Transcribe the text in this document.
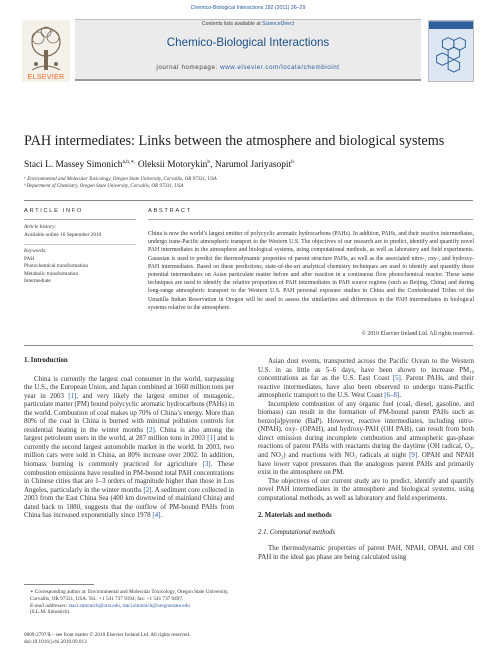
Chemico-Biological Interactions 192 (2011) 26–29
Contents lists available at ScienceDirect
Chemico-Biological Interactions
journal homepage: www.elsevier.com/locate/chembioint
ELSEVIER
PAH intermediates: Links between the atmosphere and biological systems
Staci L. Massey Simonich$^{a,b,∗,}$ Oleksii Motorykin$^b$, Narumol Jariyasopit$^b$
ᵃ Environmental and Molecular Toxicology, Oregon State University, Corvallis, OR 97331, USA
ᵇ Department of Chemistry, Oregon State University, Corvallis, OR 97331, USA
ARTICLE INFO	ABSTRACT
Article history:
Available online 16 September 2010
Keywords:
PAH
Photochemical transformation
Metabolic transformation
Intermediate
China is now the world’s largest emitter of polycyclic aromatic hydrocarbons (PAHs). In addition, PAHs, and their reactive intermediates, undergo trans-Pacific atmospheric transport to the Western U.S. The objectives of our research are to predict, identify and quantify novel PAH intermediates in the atmosphere and biological systems, using computational methods, as well as laboratory and field experiments. Gaussian is used to predict the thermodynamic properties of parent structure PAHs, as well as the associated nitro-, oxy-, and hydroxy-PAH intermediates. Based on these predictions, state-of-the-art analytical chemistry techniques are used to identify and quantify these potential intermediates on Asian particulate matter before and after reaction in a continuous flow photochemical reactor. These same techniques are used to identify the relative proportion of PAH intermediates in PAH source regions (such as Beijing, China) and during long-range atmospheric transport to the Western U.S. PAH personal exposure studies in China and the Confederated Tribes of the Umatilla Indian Reservation in Oregon will be used to assess the similarities and differences in the PAH intermediates in biological systems relative to the atmosphere.
© 2010 Elsevier Ireland Ltd. All rights reserved.
1. Introduction

China is currently the largest coal consumer in the world, surpassing the U.S., the European Union, and Japan combined at 1660 million tons per year in 2003 [1], and very likely the largest emitter of mutagenic, particulate matter (PM) bound polycyclic aromatic hydrocarbons (PAHs) in the world. Combustion of coal makes up 70% of China’s energy. More than 80% of the coal in China is burned with minimal pollution controls for residential heating in the winter months [2]. China is also among the largest petroleum users in the world, at 287 million tons in 2003 [1] and is currently the second largest automobile market in the world. In 2003, two million cars were sold in China, an 80% increase over 2002. In addition, biomass burning is commonly practiced for agriculture [3]. These combustion emissions have resulted in PM-bound total PAH concentrations in Chinese cities that are 1–3 orders of magnitude higher than those in Los Angeles, particularly in the winter months [2]. A sediment core collected in 2003 from the East China Sea (400 km downwind of mainland China) and dated back to 1880, suggests that the outflow of PM-bound PAHs from China has increased exponentially since 1978 [4].

∗ Corresponding author at: Environmental and Molecular Toxicology, Oregon State University, Corvallis, OR 97331, USA. Tel.: +1 541 737 9194; fax: +1 541 737 0497.
E-mail addresses: staci.simonich@orst.edu, staci.simonich@oregonstate.edu
(S.L.M. Simonich).
0009-2797/$ – see front matter © 2010 Elsevier Ireland Ltd. All rights reserved.
doi:10.1016/j.cbi.2010.09.013

Asian dust events, transported across the Pacific Ocean to the Western U.S. in as little as 5–6 days, have been shown to increase PM₁₀ concentrations as far as the U.S. East Coast [5]. Parent PAHs, and their reactive intermediates, have also been observed to undergo trans-Pacific atmospheric transport to the U.S. West Coast [6–8].

Incomplete combustion of any organic fuel (coal, diesel, gasoline, and biomass) can result in the formation of PM-bound parent PAHs such as benzo[a]pyrene (BaP). However, reactive intermediates, including nitro- (NPAH), oxy- (OPAH), and hydroxy-PAH (OH PAH), can result from both direct emission during incomplete combustion and atmospheric gas-phase reactions of parent PAHs with reactants during the daytime (OH radical, O₃, and NO₂) and reactions with NO₃ radicals at night [9]. OPAH and NPAH have lower vapor pressures than the analogous parent PAHs and primarily exist in the atmosphere on PM.

The objectives of our current study are to predict, identify and quantify novel PAH intermediates in the atmosphere and biological systems, using computational methods, as well as laboratory and field experiments.

2. Materials and methods
2.1. Computational methods

The thermodynamic properties of parent PAH, NPAH, OPAH, and OH PAH in the ideal gas phase are being calculated using
